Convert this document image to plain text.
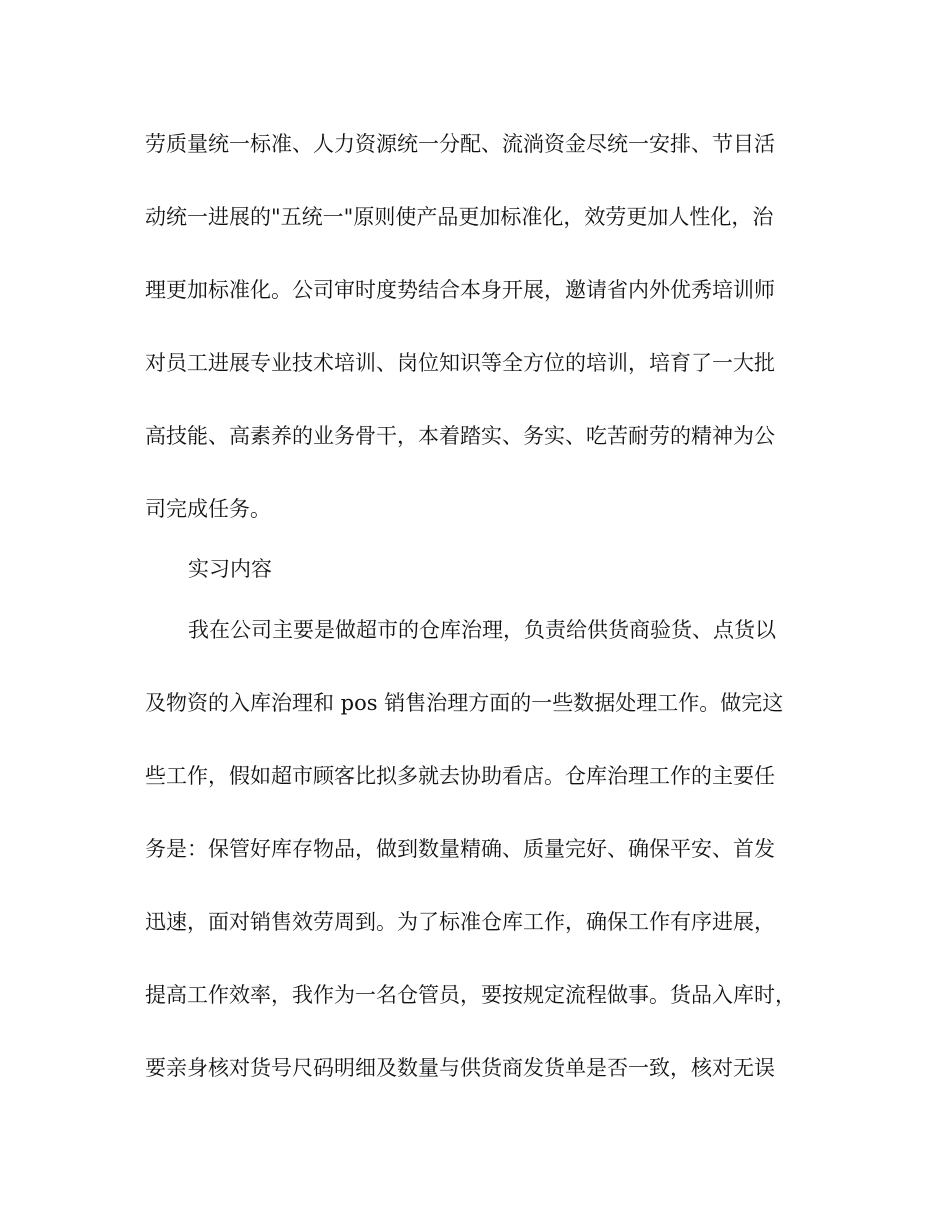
劳质量统一标准、人力资源统一分配、流淌资金尽统一安排、节目活
动统一进展的"五统一"原则使产品更加标准化，效劳更加人性化，治
理更加标准化。公司审时度势结合本身开展，邀请省内外优秀培训师
对员工进展专业技术培训、岗位知识等全方位的培训，培育了一大批
高技能、高素养的业务骨干，本着踏实、务实、吃苦耐劳的精神为公
司完成任务。
实习内容
我在公司主要是做超市的仓库治理，负责给供货商验货、点货以
及物资的入库治理和 pos 销售治理方面的一些数据处理工作。做完这
些工作，假如超市顾客比拟多就去协助看店。仓库治理工作的主要任
务是：保管好库存物品，做到数量精确、质量完好、确保平安、首发
迅速，面对销售效劳周到。为了标准仓库工作，确保工作有序进展，
提高工作效率，我作为一名仓管员，要按规定流程做事。货品入库时，
要亲身核对货号尺码明细及数量与供货商发货单是否一致，核对无误
